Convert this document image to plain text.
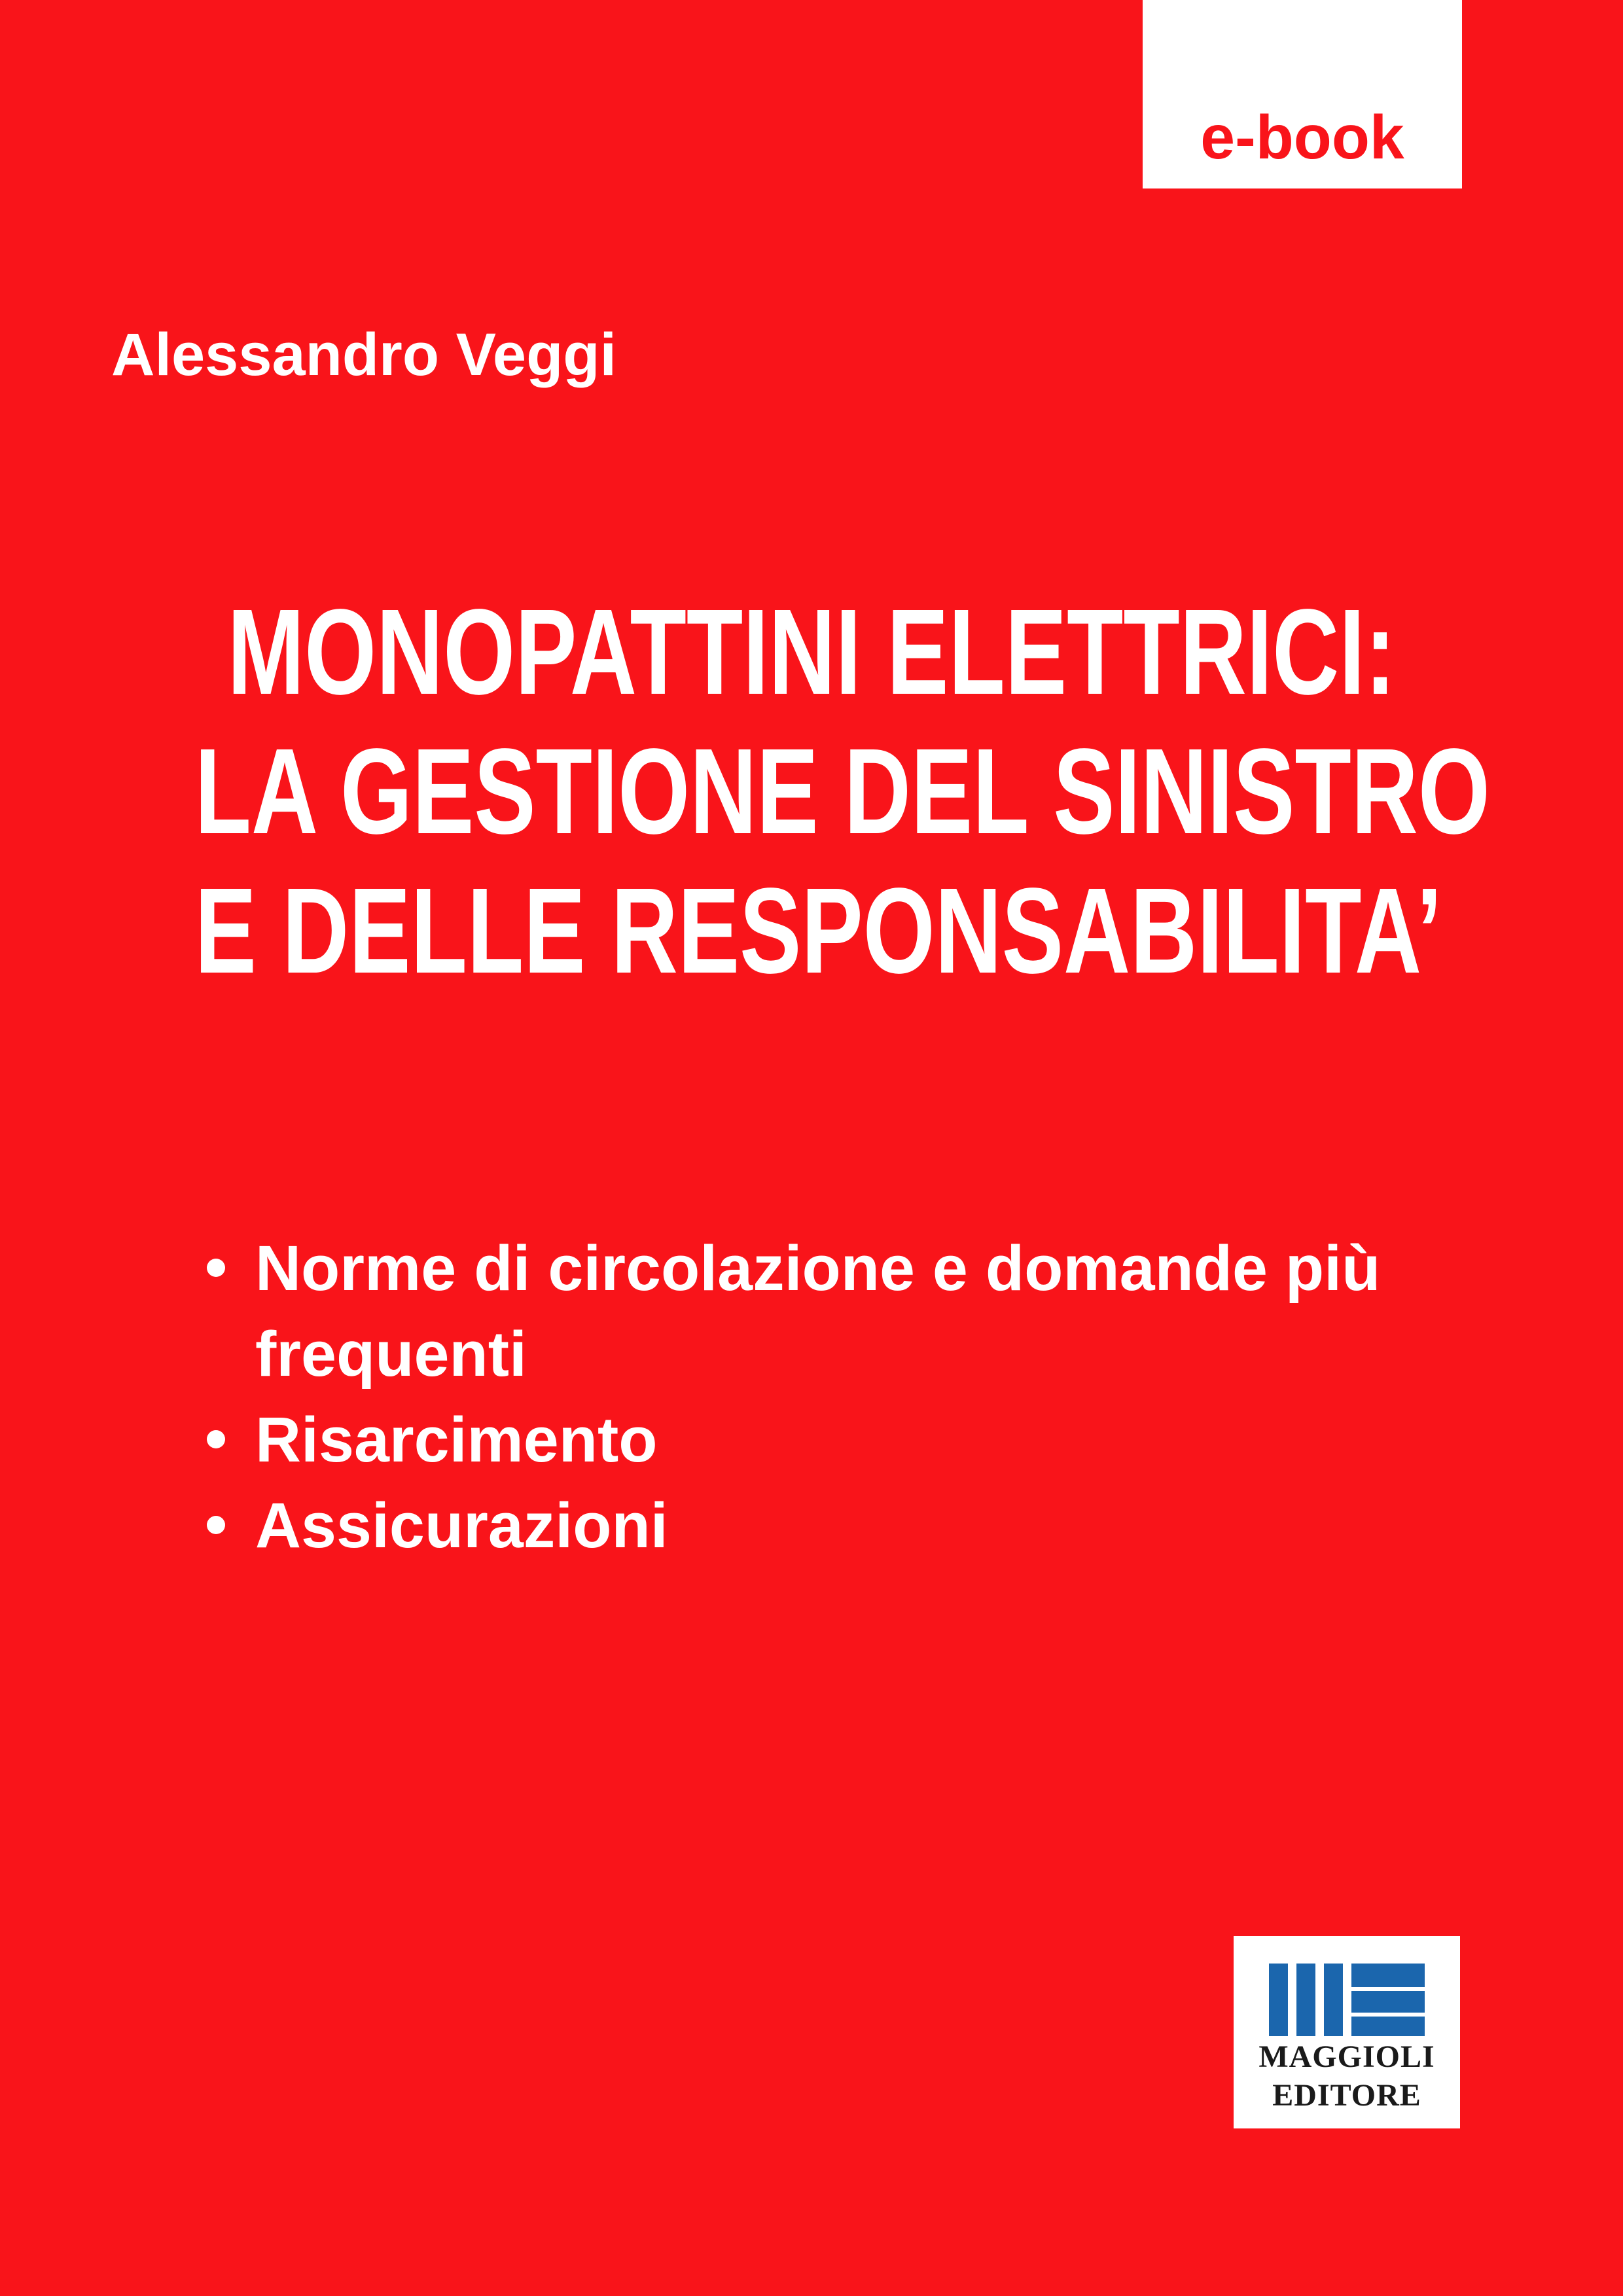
e-book
Alessandro Veggi
MONOPATTINI ELETTRICI:
LA GESTIONE DEL SINISTRO
E DELLE RESPONSABILITA’
Norme di circolazione e domande più
frequenti
Risarcimento
Assicurazioni
MAGGIOLI
EDITORE
